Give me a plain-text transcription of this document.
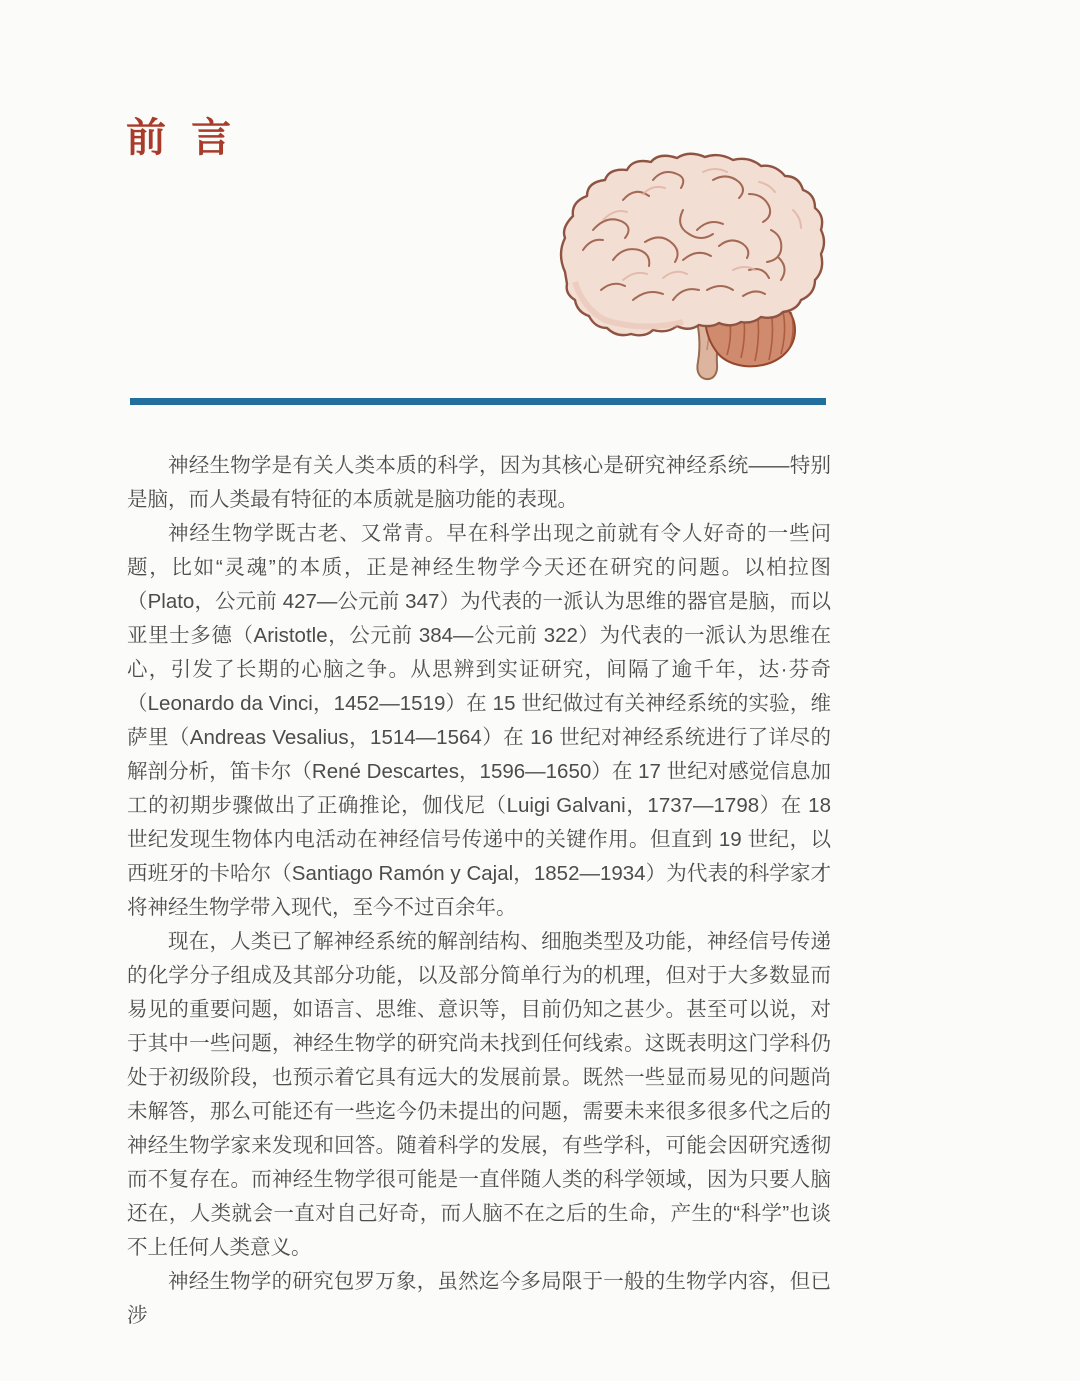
前 言

神经生物学是有关人类本质的科学，因为其核心是研究神经系统——特别是脑，而人类最有特征的本质就是脑功能的表现。

神经生物学既古老、又常青。早在科学出现之前就有令人好奇的一些问题，比如“灵魂”的本质，正是神经生物学今天还在研究的问题。以柏拉图（Plato，公元前 427—公元前 347）为代表的一派认为思维的器官是脑，而以亚里士多德（Aristotle，公元前 384—公元前 322）为代表的一派认为思维在心，引发了长期的心脑之争。从思辨到实证研究，间隔了逾千年，达·芬奇（Leonardo da Vinci，1452—1519）在 15 世纪做过有关神经系统的实验，维萨里（Andreas Vesalius，1514—1564）在 16 世纪对神经系统进行了详尽的解剖分析，笛卡尔（René Descartes，1596—1650）在 17 世纪对感觉信息加工的初期步骤做出了正确推论，伽伐尼（Luigi Galvani，1737—1798）在 18 世纪发现生物体内电活动在神经信号传递中的关键作用。但直到 19 世纪，以西班牙的卡哈尔（Santiago Ramón y Cajal，1852—1934）为代表的科学家才将神经生物学带入现代，至今不过百余年。

现在，人类已了解神经系统的解剖结构、细胞类型及功能，神经信号传递的化学分子组成及其部分功能，以及部分简单行为的机理，但对于大多数显而易见的重要问题，如语言、思维、意识等，目前仍知之甚少。甚至可以说，对于其中一些问题，神经生物学的研究尚未找到任何线索。这既表明这门学科仍处于初级阶段，也预示着它具有远大的发展前景。既然一些显而易见的问题尚未解答，那么可能还有一些迄今仍未提出的问题，需要未来很多很多代之后的神经生物学家来发现和回答。随着科学的发展，有些学科，可能会因研究透彻而不复存在。而神经生物学很可能是一直伴随人类的科学领域，因为只要人脑还在，人类就会一直对自己好奇，而人脑不在之后的生命，产生的“科学”也谈不上任何人类意义。

神经生物学的研究包罗万象，虽然迄今多局限于一般的生物学内容，但已涉
